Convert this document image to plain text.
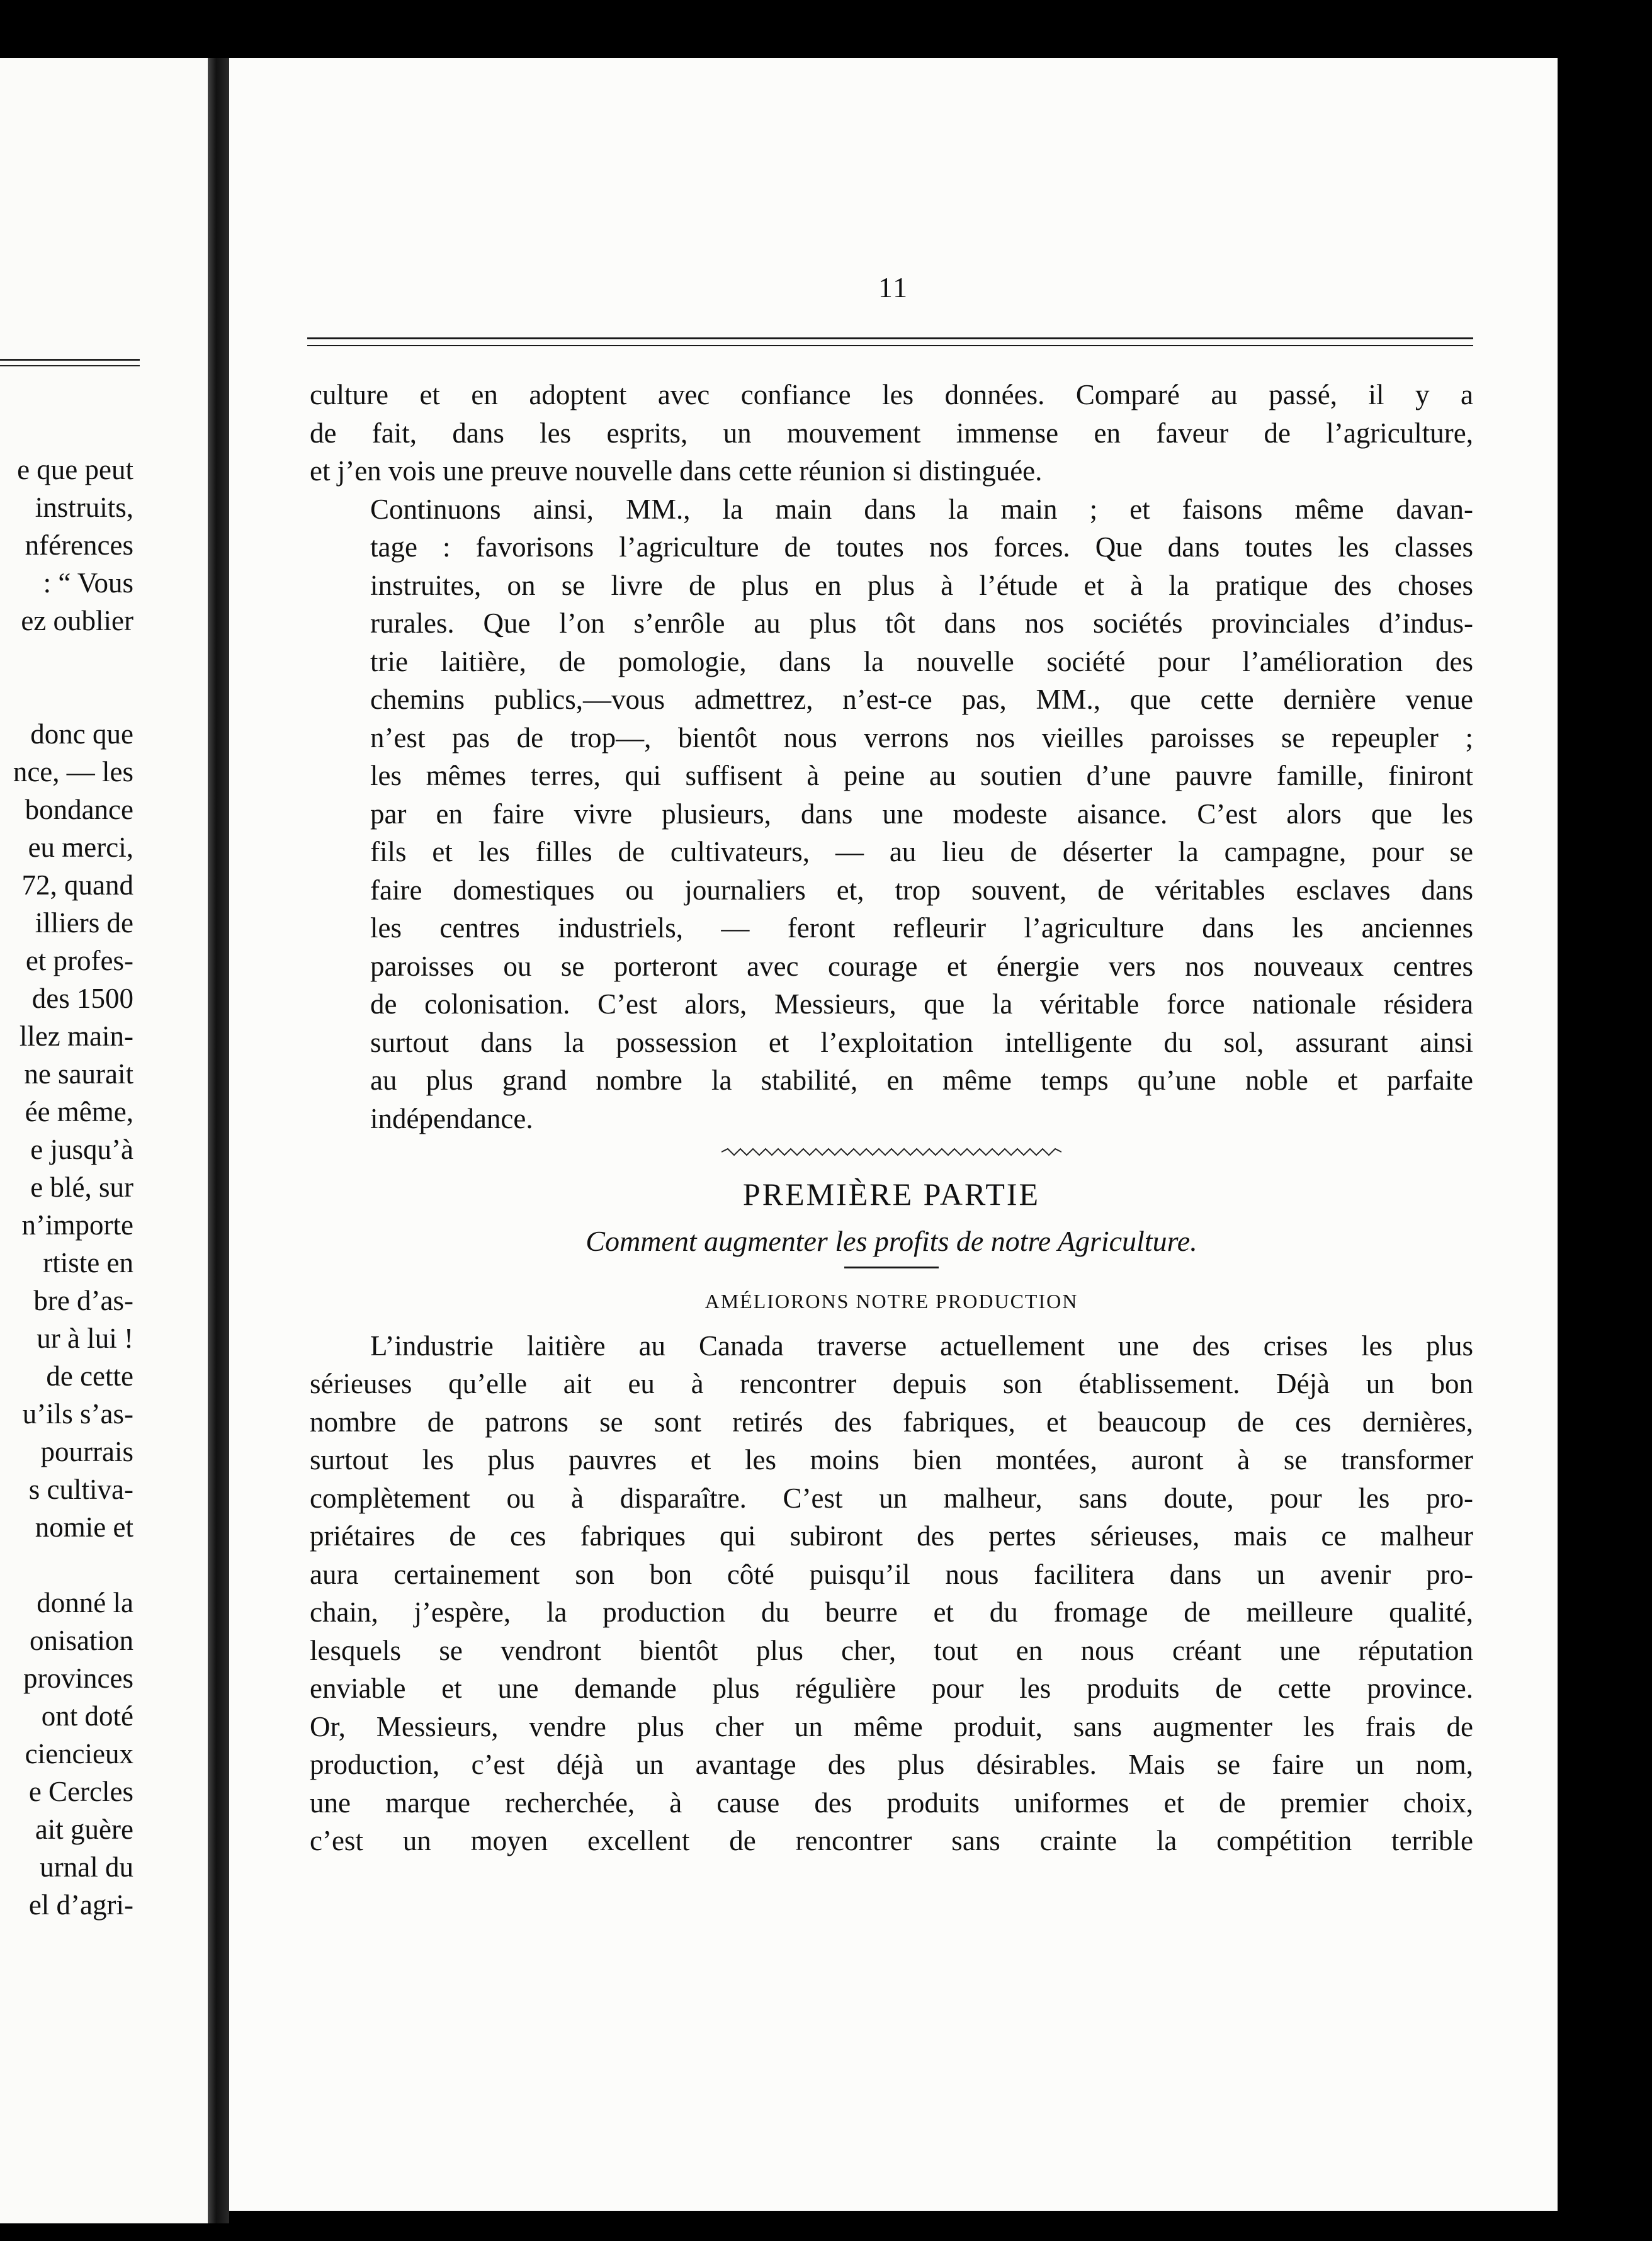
e que peut
instruits,
nférences
: “ Vous
ez oublier
donc que
nce, — les
bondance
eu merci,
72, quand
illiers de
et profes-
des 1500
llez main-
ne saurait
ée même,
e jusqu’à
e blé, sur
n’importe
rtiste en
bre d’as-
ur à lui !
de cette
u’ils s’as-
pourrais
s cultiva-
nomie et
donné la
onisation
provinces
ont doté
ciencieux
e Cercles
ait guère
urnal du
el d’agri-
11

culture et en adoptent avec confiance les données. Comparé au passé, il y a
de fait, dans les esprits, un mouvement immense en faveur de l’agriculture,
et j’en vois une preuve nouvelle dans cette réunion si distinguée.

Continuons ainsi, MM., la main dans la main ; et faisons même davan-
tage : favorisons l’agriculture de toutes nos forces. Que dans toutes les classes
instruites, on se livre de plus en plus à l’étude et à la pratique des choses
rurales. Que l’on s’enrôle au plus tôt dans nos sociétés provinciales d’indus-
trie laitière, de pomologie, dans la nouvelle société pour l’amélioration des
chemins publics,—vous admettrez, n’est-ce pas, MM., que cette dernière venue
n’est pas de trop—, bientôt nous verrons nos vieilles paroisses se repeupler ;
les mêmes terres, qui suffisent à peine au soutien d’une pauvre famille, finiront
par en faire vivre plusieurs, dans une modeste aisance. C’est alors que les
fils et les filles de cultivateurs, — au lieu de déserter la campagne, pour se
faire domestiques ou journaliers et, trop souvent, de véritables esclaves dans
les centres industriels, — feront refleurir l’agriculture dans les anciennes
paroisses ou se porteront avec courage et énergie vers nos nouveaux centres
de colonisation. C’est alors, Messieurs, que la véritable force nationale résidera
surtout dans la possession et l’exploitation intelligente du sol, assurant ainsi
au plus grand nombre la stabilité, en même temps qu’une noble et parfaite
indépendance.

PREMIÈRE PARTIE
Comment augmenter les profits de notre Agriculture.
AMÉLIORONS NOTRE PRODUCTION

L’industrie laitière au Canada traverse actuellement une des crises les plus
sérieuses qu’elle ait eu à rencontrer depuis son établissement. Déjà un bon
nombre de patrons se sont retirés des fabriques, et beaucoup de ces dernières,
surtout les plus pauvres et les moins bien montées, auront à se transformer
complètement ou à disparaître. C’est un malheur, sans doute, pour les pro-
priétaires de ces fabriques qui subiront des pertes sérieuses, mais ce malheur
aura certainement son bon côté puisqu’il nous facilitera dans un avenir pro-
chain, j’espère, la production du beurre et du fromage de meilleure qualité,
lesquels se vendront bientôt plus cher, tout en nous créant une réputation
enviable et une demande plus régulière pour les produits de cette province.
Or, Messieurs, vendre plus cher un même produit, sans augmenter les frais de
production, c’est déjà un avantage des plus désirables. Mais se faire un nom,
une marque recherchée, à cause des produits uniformes et de premier choix,
c’est un moyen excellent de rencontrer sans crainte la compétition terrible
